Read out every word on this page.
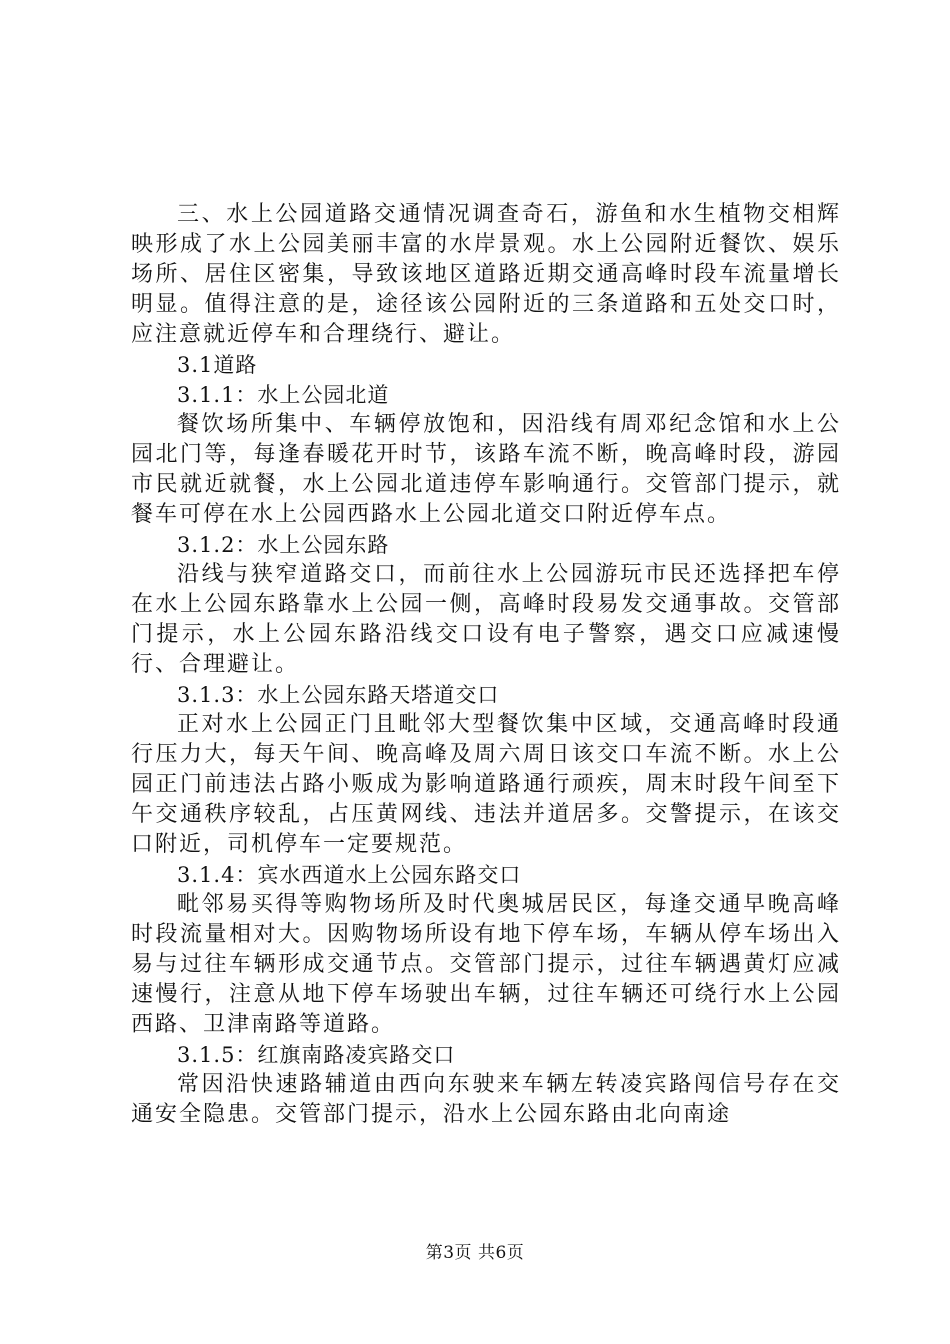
三、水上公园道路交通情况调查奇石，游鱼和水生植物交相辉映形成了水上公园美丽丰富的水岸景观。水上公园附近餐饮、娱乐场所、居住区密集，导致该地区道路近期交通高峰时段车流量增长明显。值得注意的是，途径该公园附近的三条道路和五处交口时，应注意就近停车和合理绕行、避让。

3.1道路

3.1.1：水上公园北道

餐饮场所集中、车辆停放饱和，因沿线有周邓纪念馆和水上公园北门等，每逢春暖花开时节，该路车流不断，晚高峰时段，游园市民就近就餐，水上公园北道违停车影响通行。交管部门提示，就餐车可停在水上公园西路水上公园北道交口附近停车点。

3.1.2：水上公园东路

沿线与狭窄道路交口，而前往水上公园游玩市民还选择把车停在水上公园东路靠水上公园一侧，高峰时段易发交通事故。交管部门提示，水上公园东路沿线交口设有电子警察，遇交口应减速慢行、合理避让。

3.1.3：水上公园东路天塔道交口

正对水上公园正门且毗邻大型餐饮集中区域，交通高峰时段通行压力大，每天午间、晚高峰及周六周日该交口车流不断。水上公园正门前违法占路小贩成为影响道路通行顽疾，周末时段午间至下午交通秩序较乱，占压黄网线、违法并道居多。交警提示，在该交口附近，司机停车一定要规范。

3.1.4：宾水西道水上公园东路交口

毗邻易买得等购物场所及时代奥城居民区，每逢交通早晚高峰时段流量相对大。因购物场所设有地下停车场，车辆从停车场出入易与过往车辆形成交通节点。交管部门提示，过往车辆遇黄灯应减速慢行，注意从地下停车场驶出车辆，过往车辆还可绕行水上公园西路、卫津南路等道路。

3.1.5：红旗南路凌宾路交口

常因沿快速路辅道由西向东驶来车辆左转凌宾路闯信号存在交通安全隐患。交管部门提示，沿水上公园东路由北向南途

第3页 共6页
